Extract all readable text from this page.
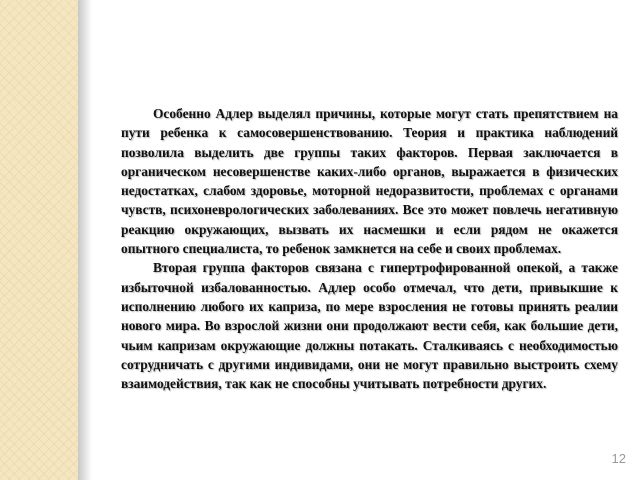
Особенно Адлер выделял причины, которые могут стать препятствием на пути ребенка к самосовершенствованию. Теория и практика наблюдений позволила выделить две группы таких факторов. Первая заключается в органическом несовершенстве каких-либо органов, выражается в физических недостатках, слабом здоровье, моторной недоразвитости, проблемах с органами чувств, психоневрологических заболеваниях. Все это может повлечь негативную реакцию окружающих, вызвать их насмешки и если рядом не окажется опытного специалиста, то ребенок замкнется на себе и своих проблемах.

Вторая группа факторов связана с гипертрофированной опекой, а также избыточной избалованностью. Адлер особо отмечал, что дети, привыкшие к исполнению любого их каприза, по мере взросления не готовы принять реалии нового мира. Во взрослой жизни они продолжают вести себя, как большие дети, чьим капризам окружающие должны потакать. Сталкиваясь с необходимостью сотрудничать с другими индивидами, они не могут правильно выстроить схему взаимодействия, так как не способны учитывать потребности других.

12
